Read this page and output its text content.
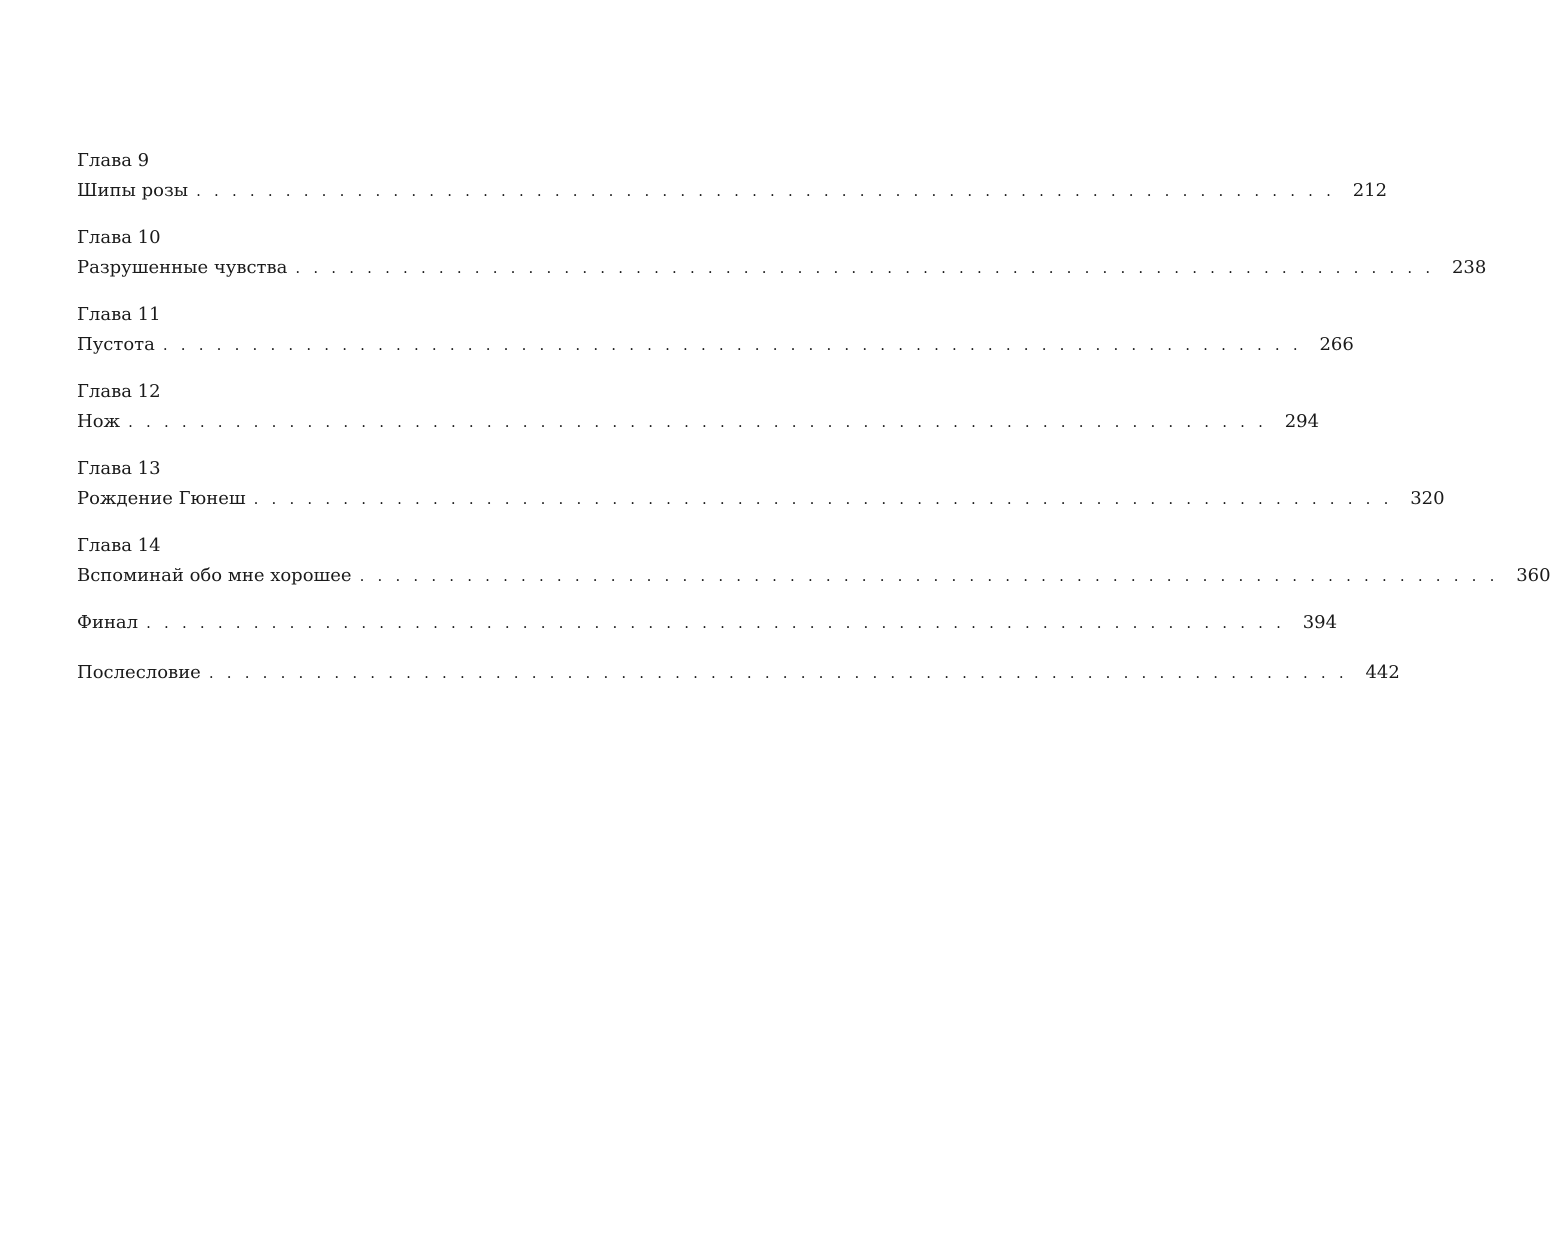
Глава 9
Шипы розы . . . . . . . . . . . . . . . . . . . . . . . . . . . . . . . . . . . . . . . . . . . . . . . . . . . . . . . . . . . . . . . . 212
Глава 10
Разрушенные чувства . . . . . . . . . . . . . . . . . . . . . . . . . . . . . . . . . . . . . . . . . . . . . . . . . . . . . . . . . . . . . . . . 238
Глава 11
Пустота . . . . . . . . . . . . . . . . . . . . . . . . . . . . . . . . . . . . . . . . . . . . . . . . . . . . . . . . . . . . . . . . 266
Глава 12
Нож . . . . . . . . . . . . . . . . . . . . . . . . . . . . . . . . . . . . . . . . . . . . . . . . . . . . . . . . . . . . . . . . 294
Глава 13
Рождение Гюнеш . . . . . . . . . . . . . . . . . . . . . . . . . . . . . . . . . . . . . . . . . . . . . . . . . . . . . . . . . . . . . . . . 320
Глава 14
Вспоминай обо мне хорошее . . . . . . . . . . . . . . . . . . . . . . . . . . . . . . . . . . . . . . . . . . . . . . . . . . . . . . . . . . . . . . . . 360
Финал . . . . . . . . . . . . . . . . . . . . . . . . . . . . . . . . . . . . . . . . . . . . . . . . . . . . . . . . . . . . . . . . 394
Послесловие . . . . . . . . . . . . . . . . . . . . . . . . . . . . . . . . . . . . . . . . . . . . . . . . . . . . . . . . . . . . . . . . 442
